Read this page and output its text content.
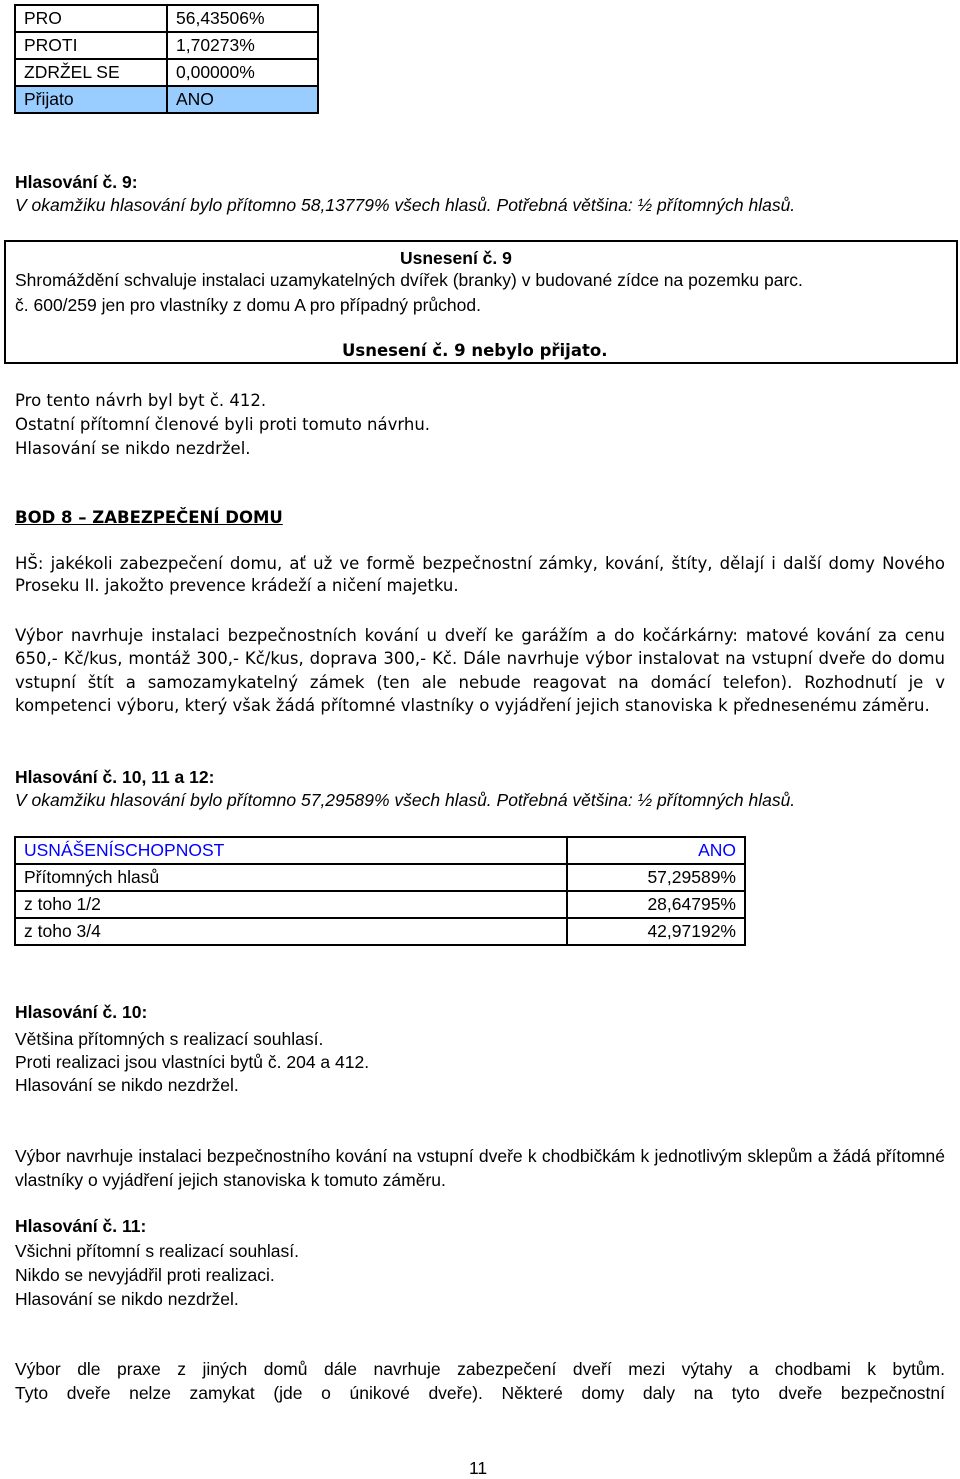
PRO	56,43506%
PROTI	1,70273%
ZDRŽEL SE	0,00000%
Přijato	ANO
Hlasování č. 9:
V okamžiku hlasování bylo přítomno 58,13779% všech hlasů. Potřebná většina: ½ přítomných hlasů.
Usnesení č. 9
Shromáždění schvaluje instalaci uzamykatelných dvířek (branky) v budované zídce na pozemku parc.
č. 600/259 jen pro vlastníky z domu A pro případný průchod.
Usnesení č. 9 nebylo přijato.
Pro tento návrh byl byt č. 412.
Ostatní přítomní členové byli proti tomuto návrhu.
Hlasování se nikdo nezdržel.
BOD 8 – ZABEZPEČENÍ DOMU
HŠ: jakékoli zabezpečení domu, ať už ve formě bezpečnostní zámky, kování, štíty, dělají i další domy Nového Proseku II. jakožto prevence krádeží a ničení majetku.
Výbor navrhuje instalaci bezpečnostních kování u dveří ke garážím a do kočárkárny: matové kování za cenu 650,- Kč/kus, montáž 300,- Kč/kus, doprava 300,- Kč. Dále navrhuje výbor instalovat na vstupní dveře do domu vstupní štít a samozamykatelný zámek (ten ale nebude reagovat na domácí telefon). Rozhodnutí je v kompetenci výboru, který však žádá přítomné vlastníky o vyjádření jejich stanoviska k přednesenému záměru.
Hlasování č. 10, 11 a 12:
V okamžiku hlasování bylo přítomno 57,29589% všech hlasů. Potřebná většina: ½ přítomných hlasů.
USNÁŠENÍSCHOPNOST	ANO
Přítomných hlasů	57,29589%
z toho 1/2	28,64795%
z toho 3/4	42,97192%
Hlasování č. 10:
Většina přítomných s realizací souhlasí.
Proti realizaci jsou vlastníci bytů č. 204 a 412.
Hlasování se nikdo nezdržel.
Výbor navrhuje instalaci bezpečnostního kování na vstupní dveře k chodbičkám k jednotlivým sklepům a žádá přítomné vlastníky o vyjádření jejich stanoviska k tomuto záměru.
Hlasování č. 11:
Všichni přítomní s realizací souhlasí.
Nikdo se nevyjádřil proti realizaci.
Hlasování se nikdo nezdržel.
Výbor dle praxe z jiných domů dále navrhuje zabezpečení dveří mezi výtahy a chodbami k bytům.
Tyto dveře nelze zamykat (jde o únikové dveře). Některé domy daly na tyto dveře bezpečnostní
11
